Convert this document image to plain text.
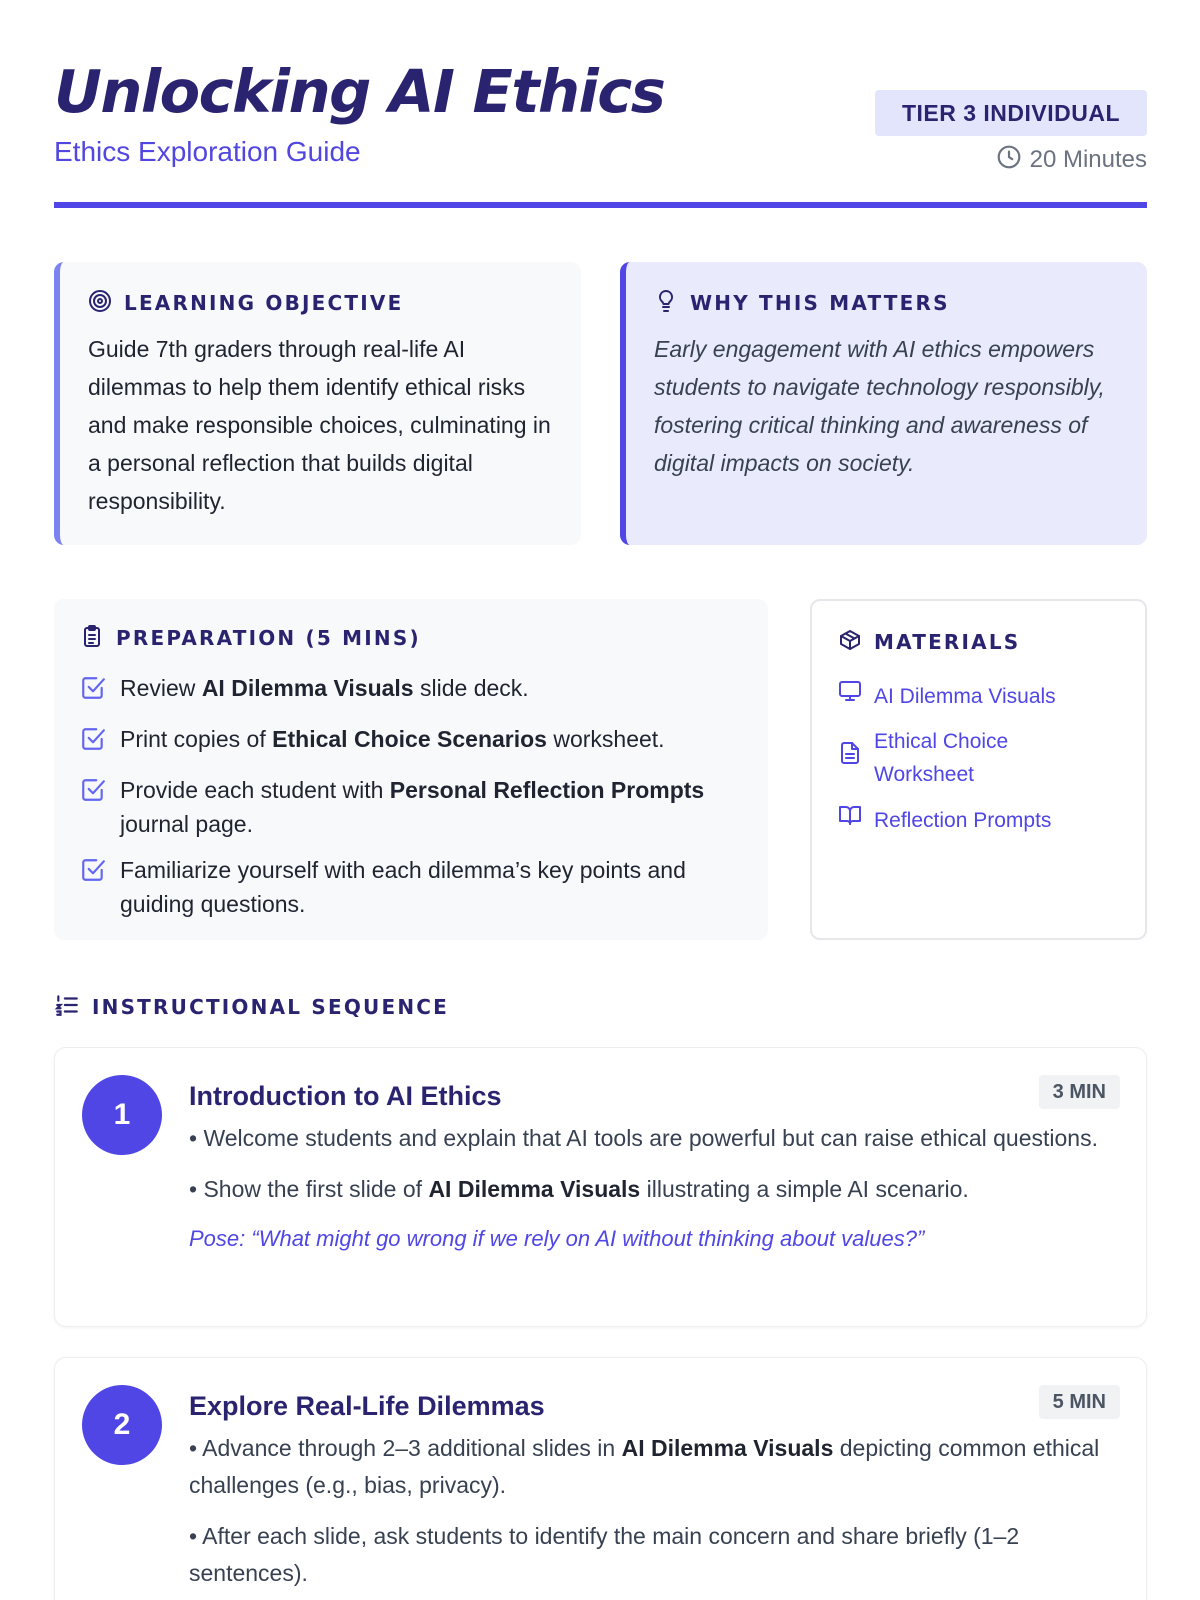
Unlocking AI Ethics
Ethics Exploration Guide
TIER 3 INDIVIDUAL
20 Minutes
LEARNING OBJECTIVE

Guide 7th graders through real-life AI dilemmas to help them identify ethical risks and make responsible choices, culminating in a personal reflection that builds digital responsibility.

WHY THIS MATTERS

Early engagement with AI ethics empowers students to navigate technology responsibly, fostering critical thinking and awareness of digital impacts on society.

PREPARATION (5 MINS)
Review AI Dilemma Visuals slide deck.
Print copies of Ethical Choice Scenarios worksheet.
Provide each student with Personal Reflection Prompts journal page.
Familiarize yourself with each dilemma’s key points and guiding questions.
MATERIALS
AI Dilemma Visuals
Ethical Choice Worksheet
Reflection Prompts
INSTRUCTIONAL SEQUENCE
1
Introduction to AI Ethics	3 MIN

• Welcome students and explain that AI tools are powerful but can raise ethical questions.

• Show the first slide of AI Dilemma Visuals illustrating a simple AI scenario.

Pose: “What might go wrong if we rely on AI without thinking about values?”

2
Explore Real-Life Dilemmas	5 MIN

• Advance through 2–3 additional slides in AI Dilemma Visuals depicting common ethical challenges (e.g., bias, privacy).

• After each slide, ask students to identify the main concern and share briefly (1–2 sentences).
